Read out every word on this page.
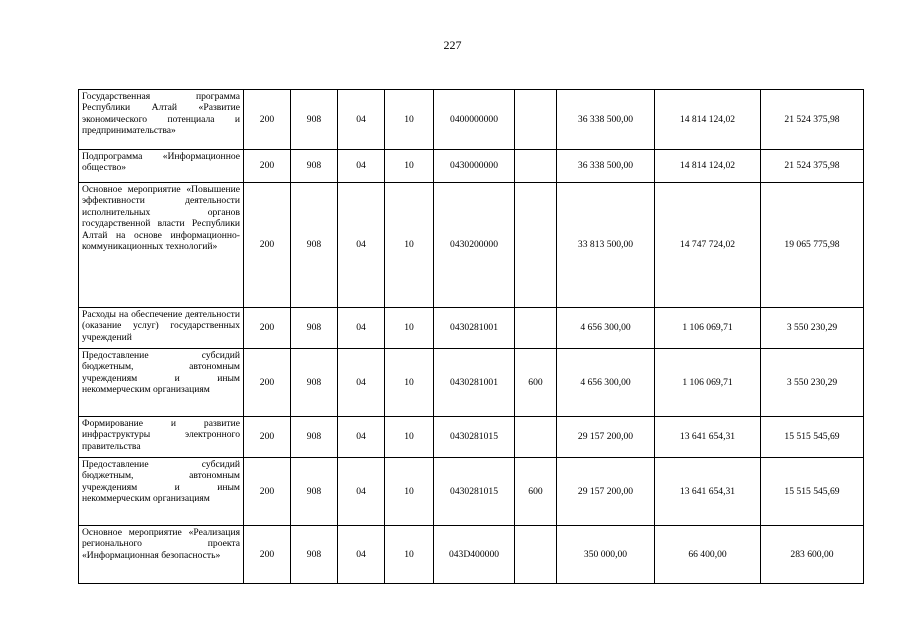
227
Государственная программа Республики Алтай «Развитие экономического потенциала и предпринимательства»	200	908	04	10	0400000000		36 338 500,00	14 814 124,02	21 524 375,98
Подпрограмма «Информационное общество»	200	908	04	10	0430000000		36 338 500,00	14 814 124,02	21 524 375,98
Основное мероприятие «Повышение эффективности деятельности исполнительных органов государственной власти Республики Алтай на основе информационно-коммуникационных технологий»	200	908	04	10	0430200000		33 813 500,00	14 747 724,02	19 065 775,98
Расходы на обеспечение деятельности (оказание услуг) государственных учреждений	200	908	04	10	0430281001		4 656 300,00	1 106 069,71	3 550 230,29
Предоставление субсидий бюджетным, автономным учреждениям и иным некоммерческим организациям	200	908	04	10	0430281001	600	4 656 300,00	1 106 069,71	3 550 230,29
Формирование и развитие инфраструктуры электронного правительства	200	908	04	10	0430281015		29 157 200,00	13 641 654,31	15 515 545,69
Предоставление субсидий бюджетным, автономным учреждениям и иным некоммерческим организациям	200	908	04	10	0430281015	600	29 157 200,00	13 641 654,31	15 515 545,69
Основное мероприятие «Реализация регионального проекта «Информационная безопасность»	200	908	04	10	043D400000		350 000,00	66 400,00	283 600,00
